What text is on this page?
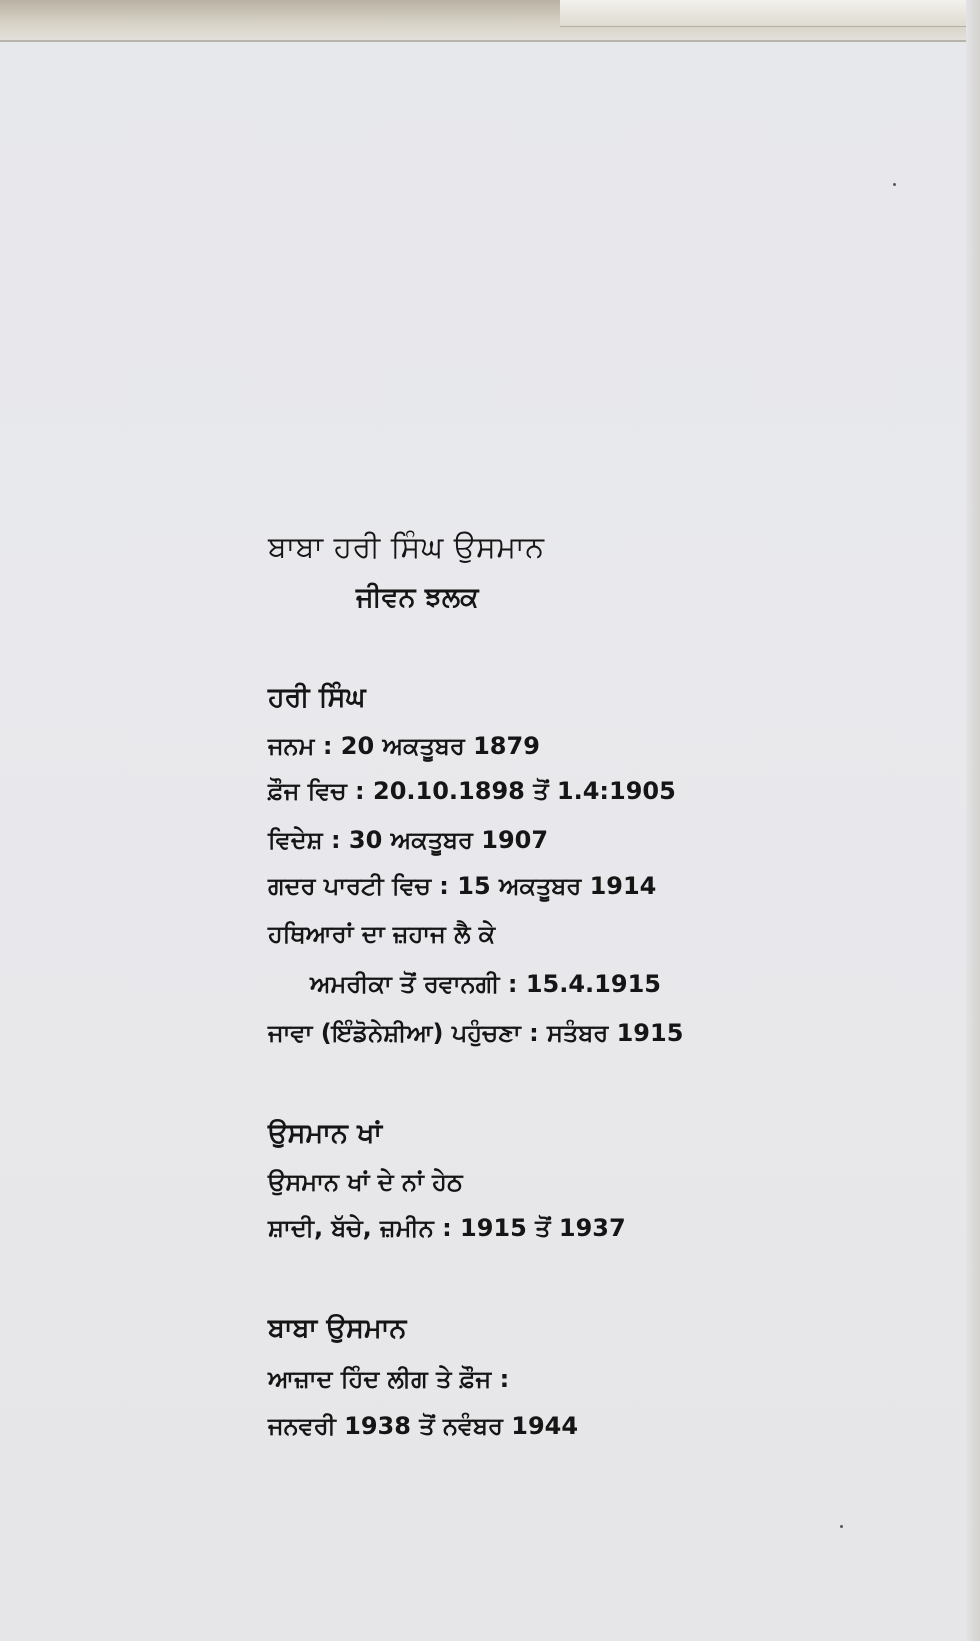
ਬਾਬਾ ਹਰੀ ਸਿੰਘ ਉਸਮਾਨ
ਜੀਵਨ ਝਲਕ
ਹਰੀ ਸਿੰਘ
ਜਨਮ : 20 ਅਕਤੂਬਰ 1879
ਫ਼ੌਜ ਵਿਚ : 20.10.1898 ਤੋਂ 1.4:1905
ਵਿਦੇਸ਼ : 30 ਅਕਤੂਬਰ 1907
ਗਦਰ ਪਾਰਟੀ ਵਿਚ : 15 ਅਕਤੂਬਰ 1914
ਹਥਿਆਰਾਂ ਦਾ ਜ਼ਹਾਜ ਲੈ ਕੇ
ਅਮਰੀਕਾ ਤੋਂ ਰਵਾਨਗੀ : 15.4.1915
ਜਾਵਾ (ਇੰਡੋਨੇਸ਼ੀਆ) ਪਹੁੰਚਣਾ : ਸਤੰਬਰ 1915
ਉਸਮਾਨ ਖਾਂ
ਉਸਮਾਨ ਖਾਂ ਦੇ ਨਾਂ ਹੇਠ
ਸ਼ਾਦੀ, ਬੱਚੇ, ਜ਼ਮੀਨ : 1915 ਤੋਂ 1937
ਬਾਬਾ ਉਸਮਾਨ
ਆਜ਼ਾਦ ਹਿੰਦ ਲੀਗ ਤੇ ਫ਼ੌਜ :
ਜਨਵਰੀ 1938 ਤੋਂ ਨਵੰਬਰ 1944
